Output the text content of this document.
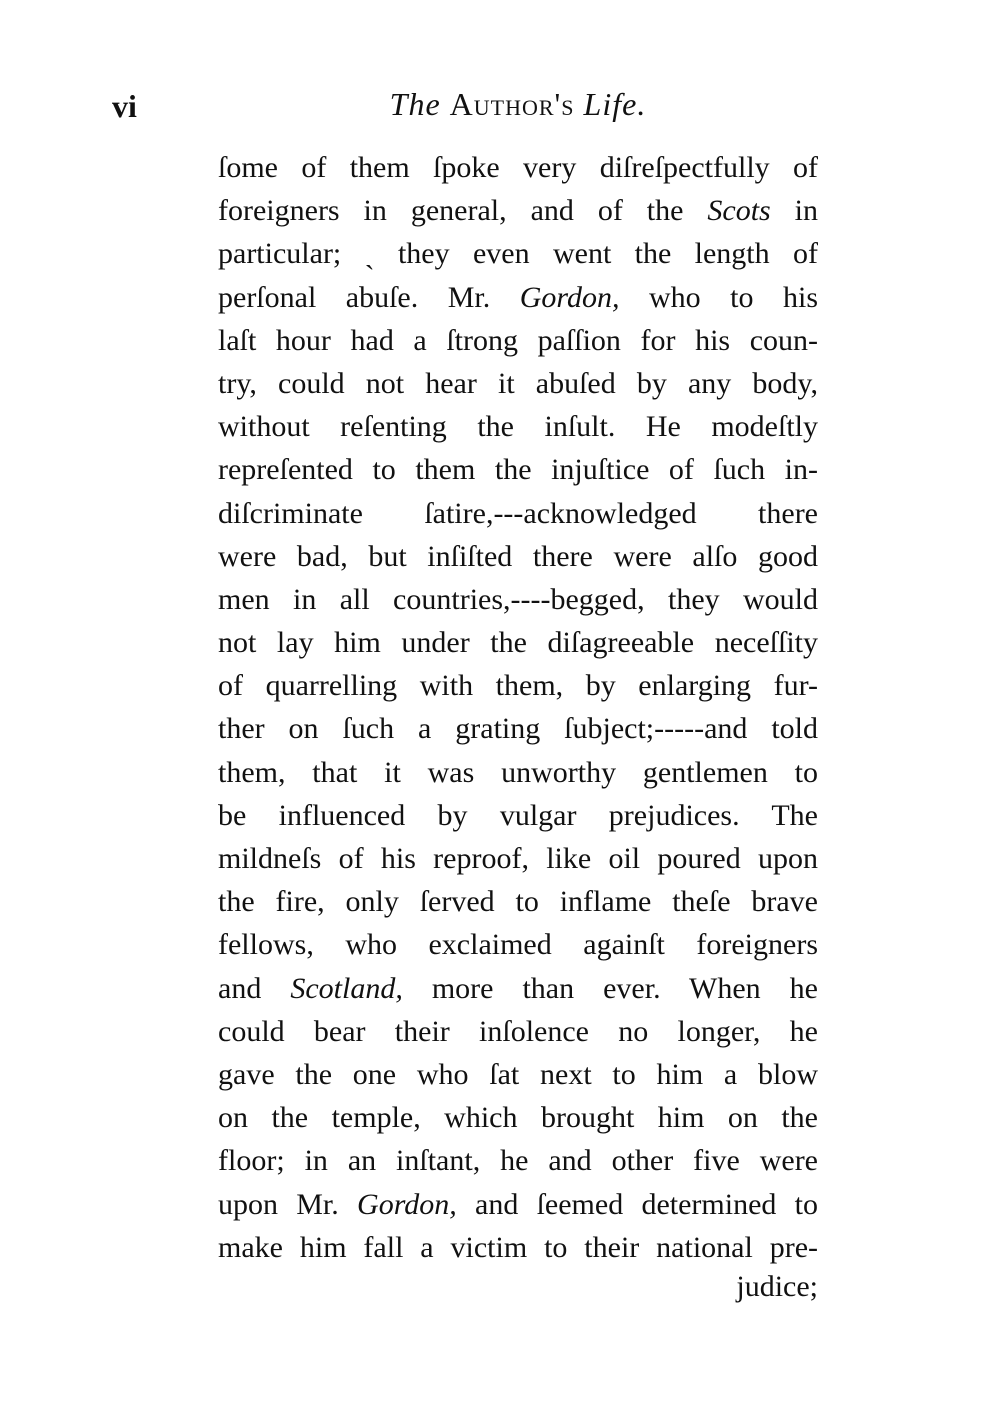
vi	The Author's Life.
ſome of them ſpoke very diſreſpectfully of
foreigners in general, and of the Scots in
particular; ˎ they even went the length of
perſonal abuſe. Mr. Gordon, who to his
laſt hour had a ſtrong paſſion for his coun-
try, could not hear it abuſed by any body,
without reſenting the inſult. He modeſtly
repreſented to them the injuſtice of ſuch in-
diſcriminate ſatire,---acknowledged there
were bad, but inſiſted there were alſo good
men in all countries,----begged, they would
not lay him under the diſagreeable neceſſity
of quarrelling with them, by enlarging fur-
ther on ſuch a grating ſubject;-----and told
them, that it was unworthy gentlemen to
be influenced by vulgar prejudices. The
mildneſs of his reproof, like oil poured upon
the fire, only ſerved to inflame theſe brave
fellows, who exclaimed againſt foreigners
and Scotland, more than ever. When he
could bear their inſolence no longer, he
gave the one who ſat next to him a blow
on the temple, which brought him on the
floor; in an inſtant, he and other five were
upon Mr. Gordon, and ſeemed determined to
make him fall a victim to their national pre-
judice;
